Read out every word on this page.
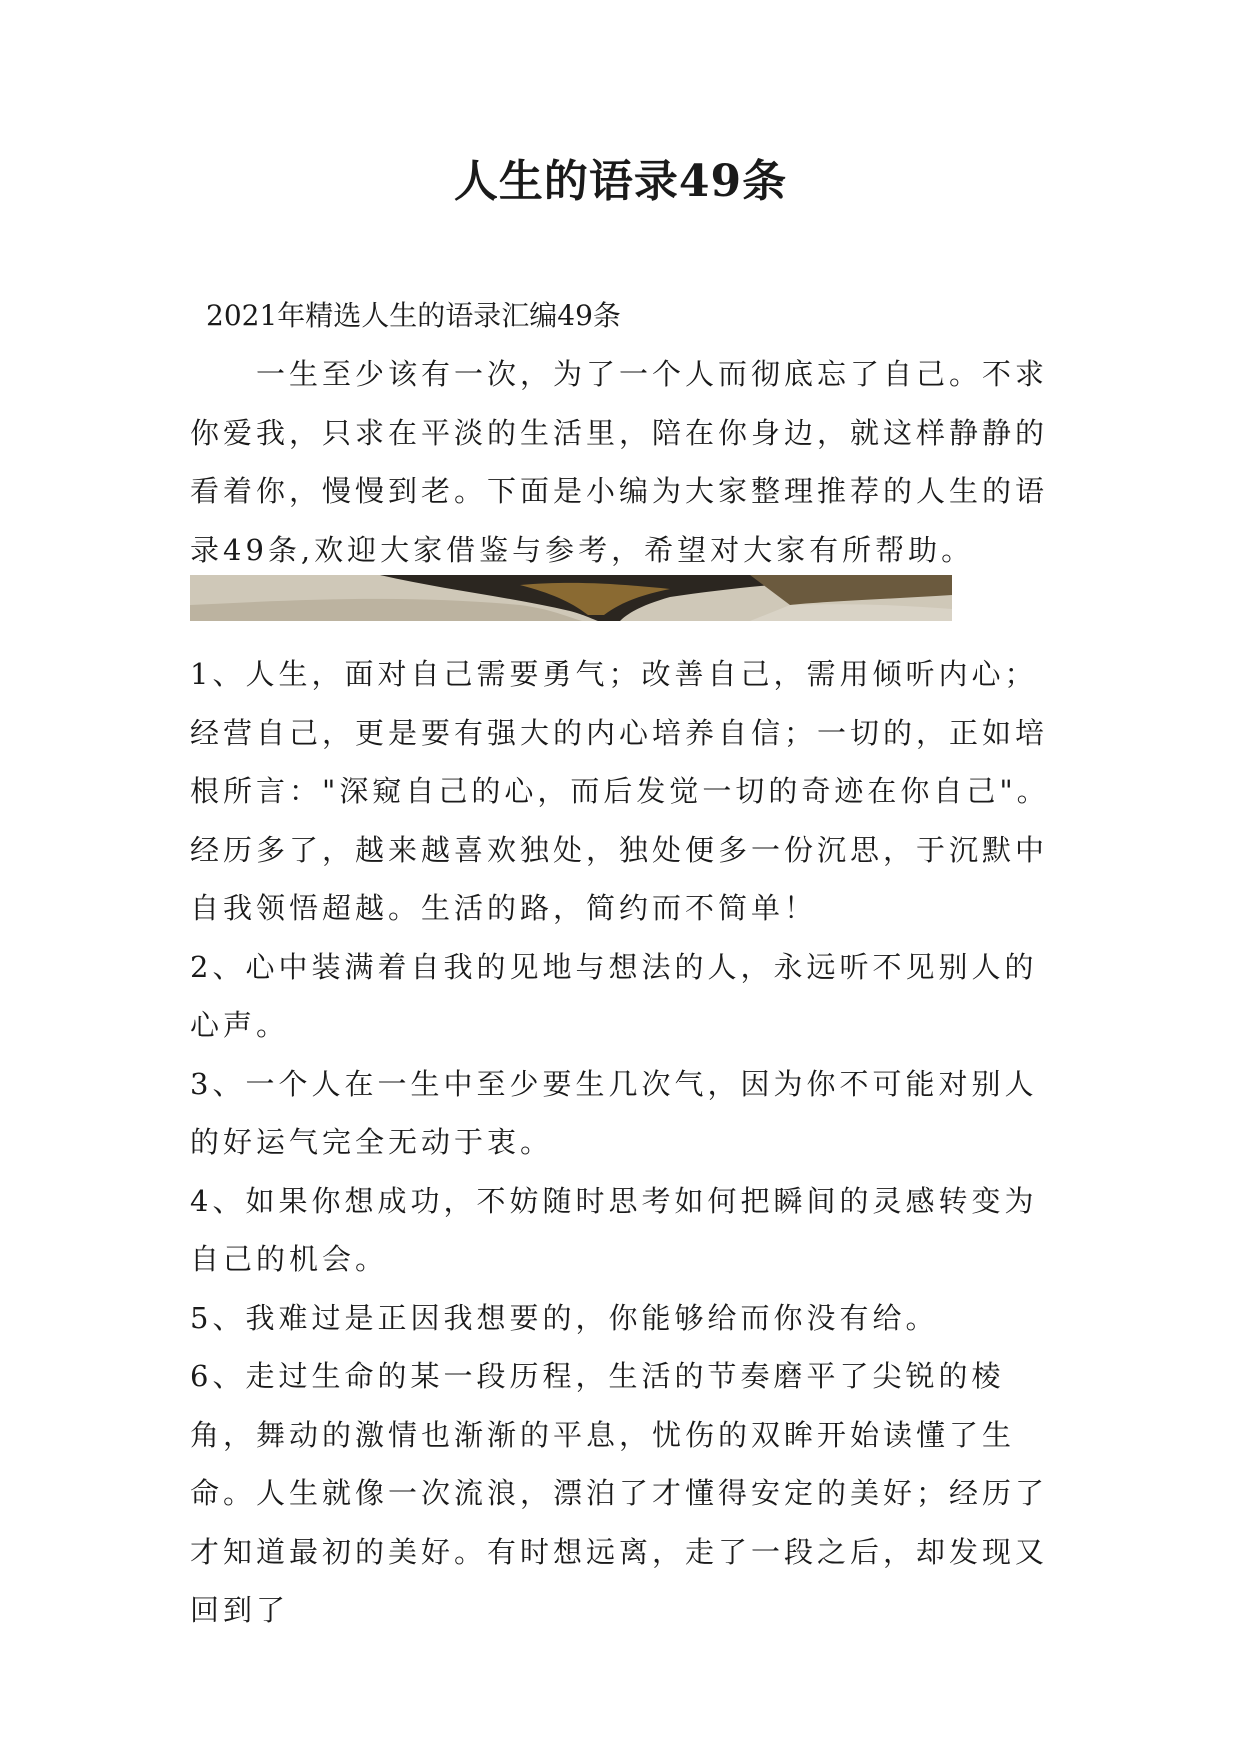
人生的语录49条
2021年精选人生的语录汇编49条
一生至少该有一次，为了一个人而彻底忘了自己。不求你爱我，只求在平淡的生活里，陪在你身边，就这样静静的看着你，慢慢到老。下面是小编为大家整理推荐的人生的语录49条,欢迎大家借鉴与参考，希望对大家有所帮助。

1、人生，面对自己需要勇气；改善自己，需用倾听内心；经营自己，更是要有强大的内心培养自信；一切的，正如培根所言："深窥自己的心，而后发觉一切的奇迹在你自己"。经历多了，越来越喜欢独处，独处便多一份沉思，于沉默中自我领悟超越。生活的路，简约而不简单！

2、心中装满着自我的见地与想法的人，永远听不见别人的心声。

3、一个人在一生中至少要生几次气，因为你不可能对别人的好运气完全无动于衷。

4、如果你想成功，不妨随时思考如何把瞬间的灵感转变为自己的机会。

5、我难过是正因我想要的，你能够给而你没有给。

6、走过生命的某一段历程，生活的节奏磨平了尖锐的棱角，舞动的激情也渐渐的平息，忧伤的双眸开始读懂了生命。人生就像一次流浪，漂泊了才懂得安定的美好；经历了才知道最初的美好。有时想远离，走了一段之后，却发现又回到了
